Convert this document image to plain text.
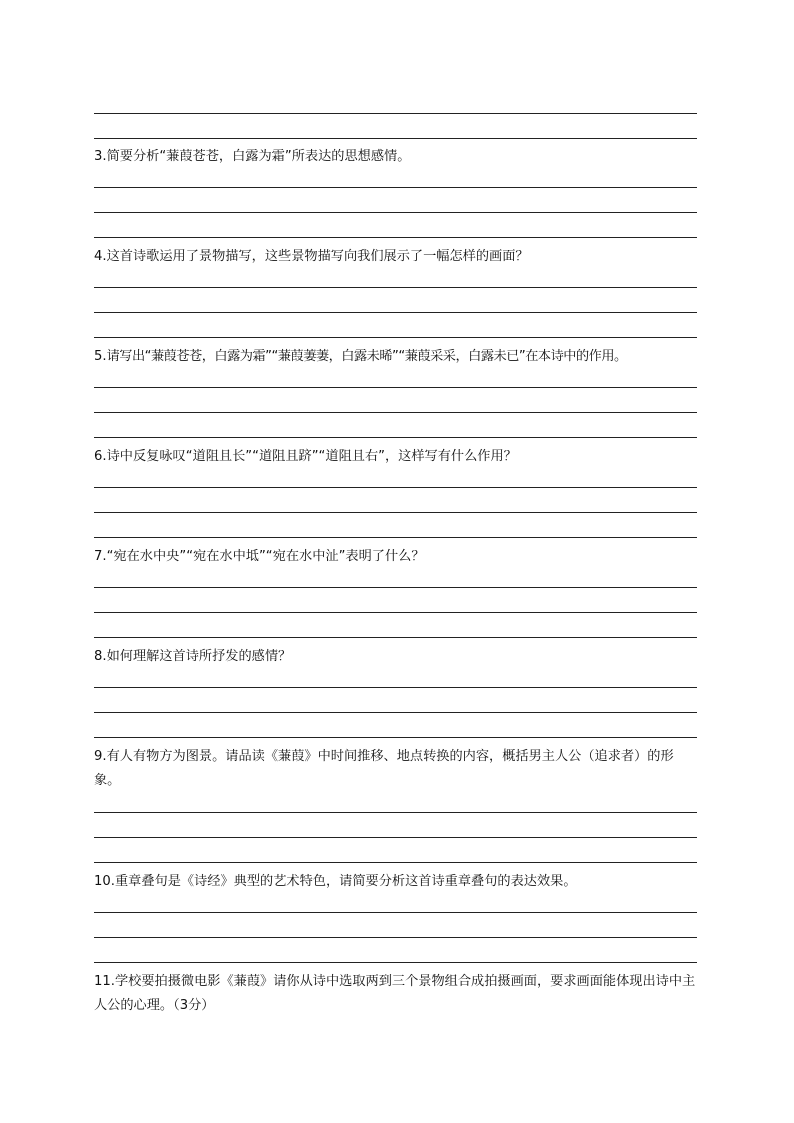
3.简要分析“蒹葭苍苍，白露为霜”所表达的思想感情。
4.这首诗歌运用了景物描写，这些景物描写向我们展示了一幅怎样的画面？
5.请写出“蒹葭苍苍，白露为霜”“蒹葭萋萋，白露未晞”“蒹葭采采，白露未已”在本诗中的作用。
6.诗中反复咏叹“道阻且长”“道阻且跻”“道阻且右”，这样写有什么作用？
7.“宛在水中央”“宛在水中坻”“宛在水中沚”表明了什么？
8.如何理解这首诗所抒发的感情？
9.有人有物方为图景。请品读《蒹葭》中时间推移、地点转换的内容，概括男主人公（追求者）的形象。
10.重章叠句是《诗经》典型的艺术特色，请简要分析这首诗重章叠句的表达效果。
11.学校要拍摄微电影《蒹葭》请你从诗中选取两到三个景物组合成拍摄画面，要求画面能体现出诗中主人公的心理。（3分）
